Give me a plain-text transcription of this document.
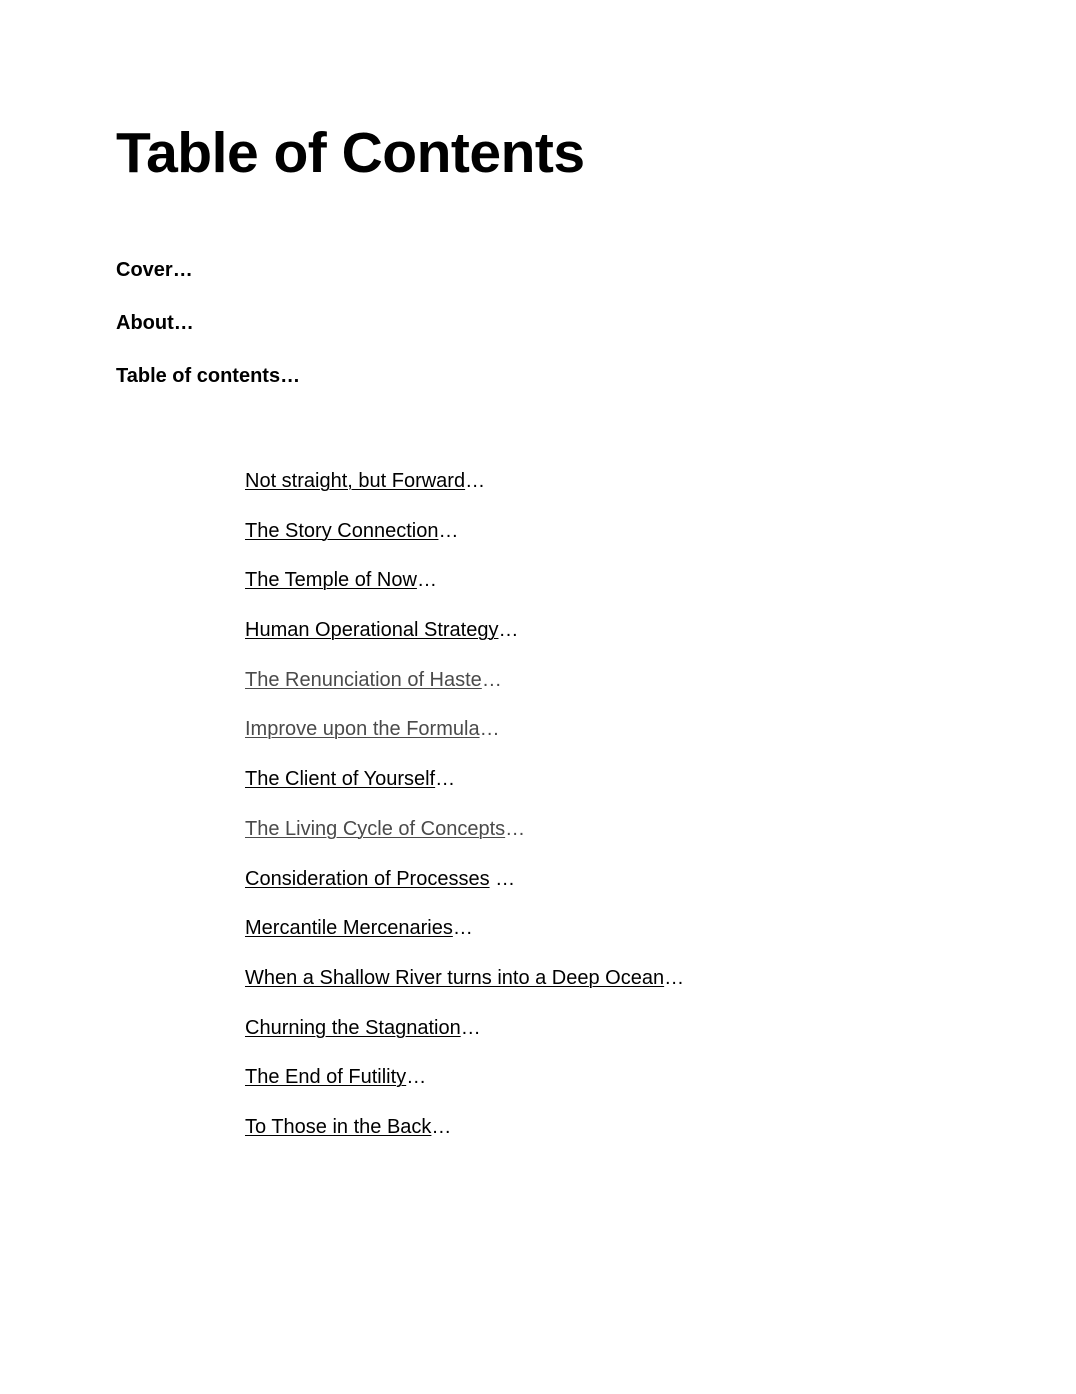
Table of Contents
Cover…
About…
Table of contents…
Not straight, but Forward…
The Story Connection…
The Temple of Now…
Human Operational Strategy…
The Renunciation of Haste…
Improve upon the Formula…
The Client of Yourself…
The Living Cycle of Concepts…
Consideration of Processes …
Mercantile Mercenaries…
When a Shallow River turns into a Deep Ocean…
Churning the Stagnation…
The End of Futility…
To Those in the Back…
